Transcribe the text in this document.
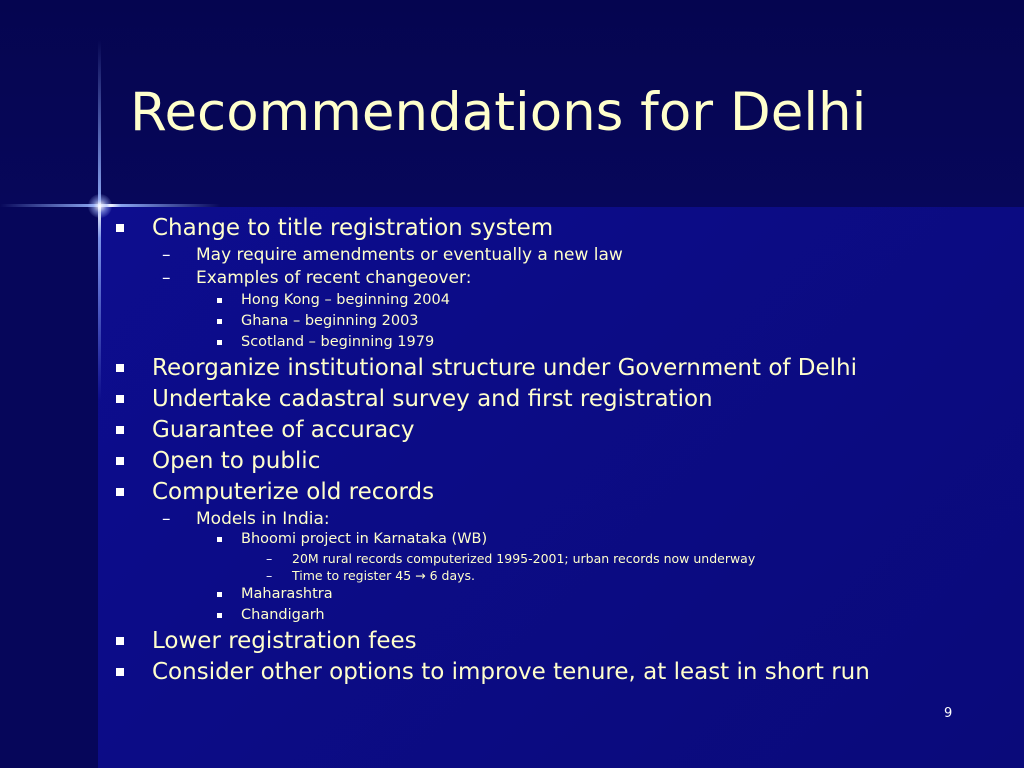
Recommendations for Delhi
Change to title registration system
– May require amendments or eventually a new law
– Examples of recent changeover:
Hong Kong – beginning 2004
Ghana – beginning 2003
Scotland – beginning 1979
Reorganize institutional structure under Government of Delhi
Undertake cadastral survey and first registration
Guarantee of accuracy
Open to public
Computerize old records
– Models in India:
Bhoomi project in Karnataka (WB)
– 20M rural records computerized 1995-2001; urban records now underway
– Time to register 45 → 6 days.
Maharashtra
Chandigarh
Lower registration fees
Consider other options to improve tenure, at least in short run
9
